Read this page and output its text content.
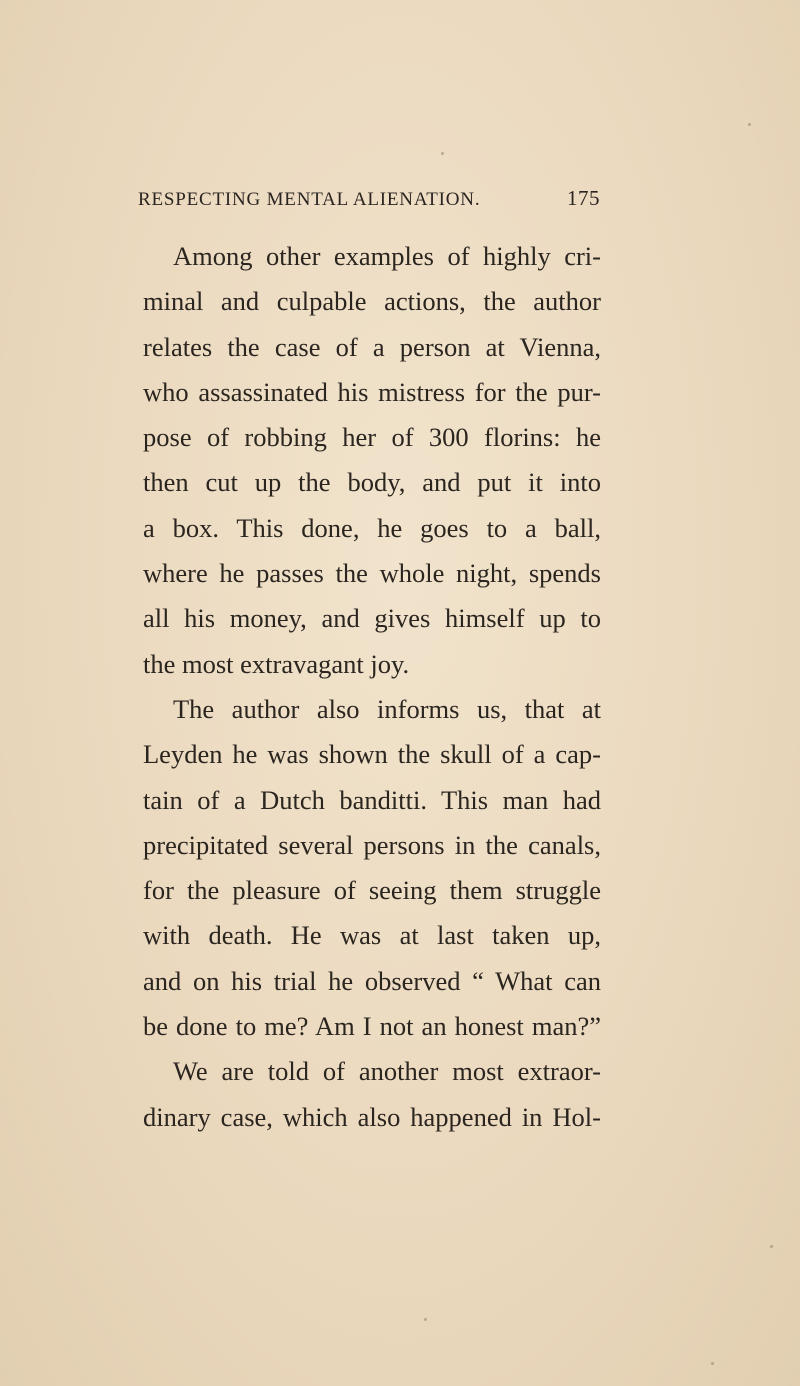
RESPECTING MENTAL ALIENATION.	175
Among other examples of highly cri-
minal and culpable actions, the author
relates the case of a person at Vienna,
who assassinated his mistress for the pur-
pose of robbing her of 300 florins: he
then cut up the body, and put it into
a box. This done, he goes to a ball,
where he passes the whole night, spends
all his money, and gives himself up to
the most extravagant joy.
The author also informs us, that at
Leyden he was shown the skull of a cap-
tain of a Dutch banditti. This man had
precipitated several persons in the canals,
for the pleasure of seeing them struggle
with death. He was at last taken up,
and on his trial he observed “ What can
be done to me? Am I not an honest man?”
We are told of another most extraor-
dinary case, which also happened in Hol-
